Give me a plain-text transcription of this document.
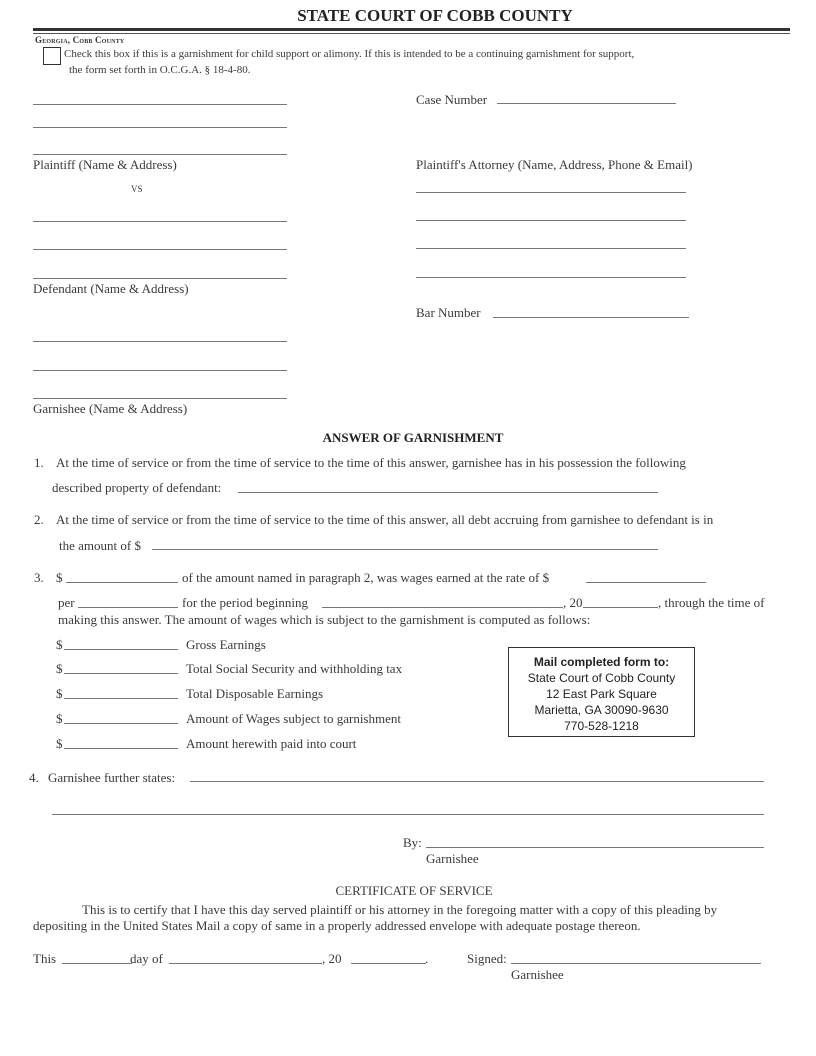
STATE COURT OF COBB COUNTY
Georgia, Cobb County
Check this box if this is a garnishment for child support or alimony. If this is intended to be a continuing garnishment for support,
the form set forth in O.C.G.A. § 18-4-80.
Plaintiff (Name & Address)
vs
Case Number
Plaintiff's Attorney (Name, Address, Phone & Email)
Defendant (Name & Address)
Bar Number
Garnishee (Name & Address)
ANSWER OF GARNISHMENT
1. At the time of service or from the time of service to the time of this answer, garnishee has in his possession the following
described property of defendant:
2. At the time of service or from the time of service to the time of this answer, all debt accruing from garnishee to defendant is in
the amount of $
3. $	of the amount named in paragraph 2, was wages earned at the rate of $
per	for the period beginning	, 20	, through the time of
making this answer. The amount of wages which is subject to the garnishment is computed as follows:
$	Gross Earnings
$	Total Social Security and withholding tax
$	Total Disposable Earnings
$	Amount of Wages subject to garnishment
$	Amount herewith paid into court
Mail completed form to:
State Court of Cobb County
12 East Park Square
Marietta, GA 30090-9630
770-528-1218
4. Garnishee further states:
By:
Garnishee
CERTIFICATE OF SERVICE
This is to certify that I have this day served plaintiff or his attorney in the foregoing matter with a copy of this pleading by
depositing in the United States Mail a copy of same in a properly addressed envelope with adequate postage thereon.
This	day of	, 20	.	Signed:
Garnishee
